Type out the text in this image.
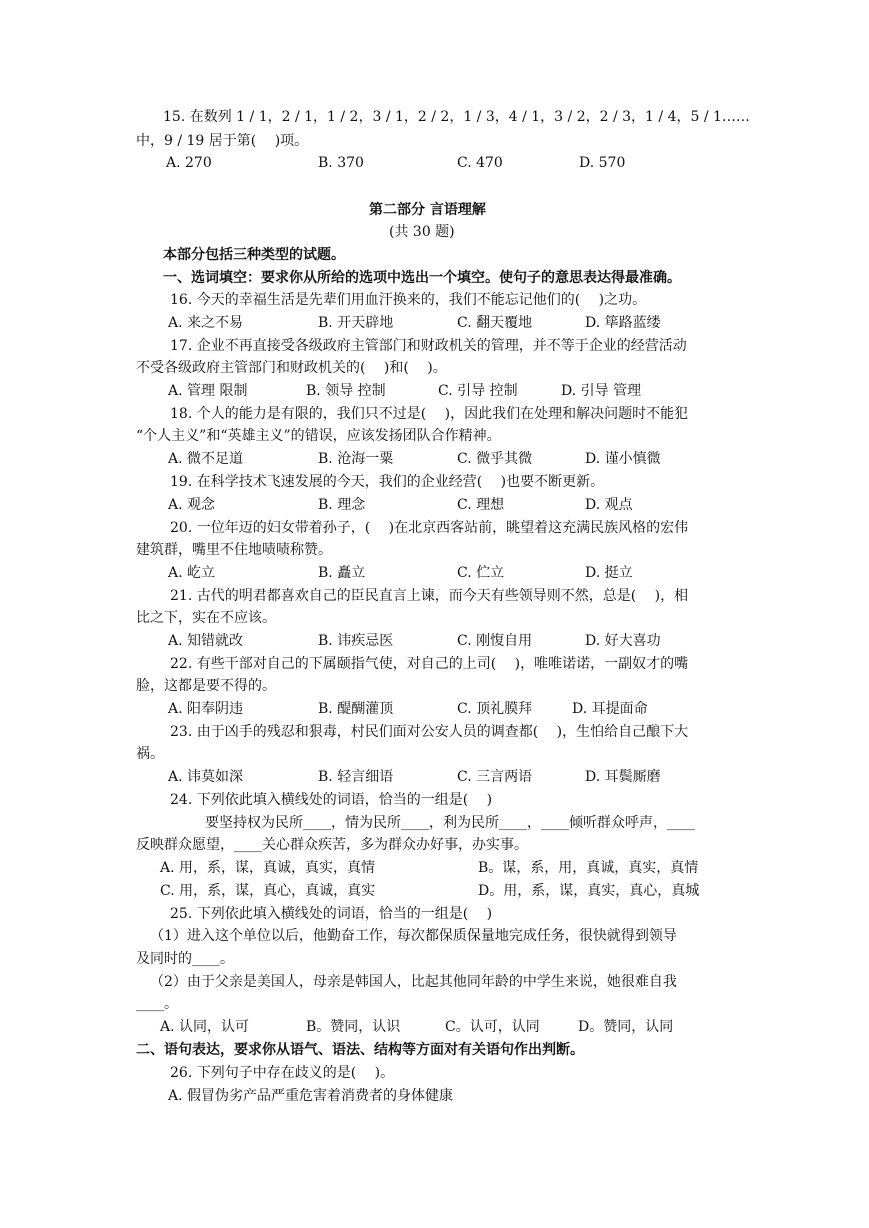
15. 在数列 1 / 1，2 / 1，1 / 2，3 / 1，2 / 2，1 / 3，4 / 1，3 / 2，2 / 3，1 / 4，5 / 1……
中，9 / 19 居于第(　 )项。
A. 270	B. 370	C. 470	D. 570
第二部分 言语理解
(共 30 题)
本部分包括三种类型的试题。
一、选词填空：要求你从所给的选项中选出一个填空。使句子的意思表达得最准确。
16. 今天的幸福生活是先辈们用血汗换来的，我们不能忘记他们的(　 )之功。
A. 来之不易	B. 开天辟地	C. 翻天覆地	D. 筚路蓝缕
17. 企业不再直接受各级政府主管部门和财政机关的管理，并不等于企业的经营活动
不受各级政府主管部门和财政机关的(　 )和(　 )。
A. 管理 限制	B. 领导 控制	C. 引导 控制	D. 引导 管理
18. 个人的能力是有限的，我们只不过是(　 )，因此我们在处理和解决问题时不能犯
“个人主义”和“英雄主义”的错误，应该发扬团队合作精神。
A. 微不足道	B. 沧海一粟	C. 微乎其微	D. 谨小慎微
19. 在科学技术飞速发展的今天，我们的企业经营(　 )也要不断更新。
A. 观念	B. 理念	C. 理想	D. 观点
20. 一位年迈的妇女带着孙子，(　 )在北京西客站前，眺望着这充满民族风格的宏伟
建筑群，嘴里不住地啧啧称赞。
A. 屹立	B. 矗立	C. 伫立	D. 挺立
21. 古代的明君都喜欢自己的臣民直言上谏，而今天有些领导则不然，总是(　 )，相
比之下，实在不应该。
A. 知错就改	B. 讳疾忌医	C. 刚愎自用	D. 好大喜功
22. 有些干部对自己的下属颐指气使，对自己的上司(　 )，唯唯诺诺，一副奴才的嘴
脸，这都是要不得的。
A. 阳奉阴违	B. 醍醐灌顶	C. 顶礼膜拜	D. 耳提面命
23. 由于凶手的残忍和狠毒，村民们面对公安人员的调查都(　 )，生怕给自己酿下大
祸。
A. 讳莫如深	B. 轻言细语	C. 三言两语	D. 耳鬓厮磨
24. 下列依此填入横线处的词语，恰当的一组是(　 )
要坚持权为民所____，情为民所____，利为民所____，____倾听群众呼声，____
反映群众愿望，____关心群众疾苦，多为群众办好事，办实事。
A. 用，系，谋，真诚，真实，真情	B。谋，系，用，真诚，真实，真情
C. 用，系，谋，真心，真诚，真实	D。用，系，谋，真实，真心，真城
25. 下列依此填入横线处的词语，恰当的一组是(　 )
（1）进入这个单位以后，他勤奋工作，每次都保质保量地完成任务，很快就得到领导
及同时的____。
（2）由于父亲是美国人，母亲是韩国人，比起其他同年龄的中学生来说，她很难自我
____。
A. 认同，认可	B。赞同，认识	C。认可，认同	D。赞同，认同
二、语句表达，要求你从语气、语法、结构等方面对有关语句作出判断。
26. 下列句子中存在歧义的是(　 )。
A. 假冒伪劣产品严重危害着消费者的身体健康
